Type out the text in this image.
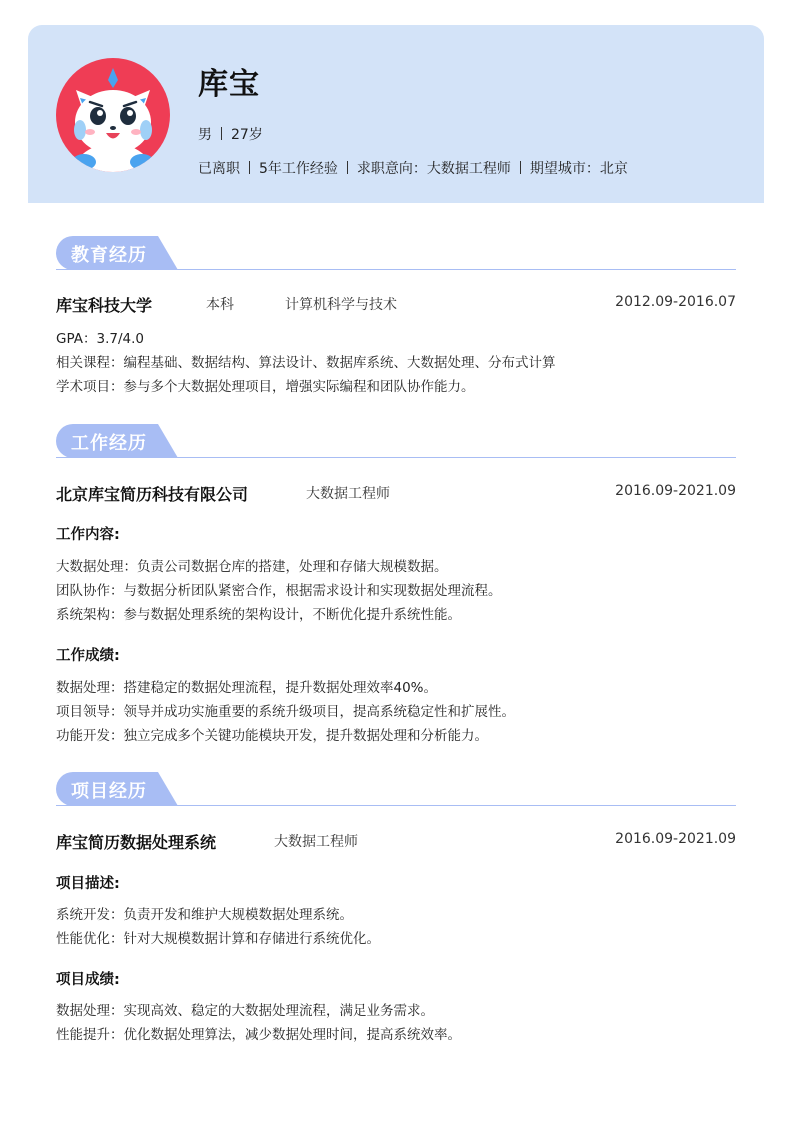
库宝
男 27岁
已离职 5年工作经验 求职意向：大数据工程师 期望城市：北京
教育经历
库宝科技大学	本科	计算机科学与技术	2012.09-2016.07
GPA：3.7/4.0
相关课程：编程基础、数据结构、算法设计、数据库系统、大数据处理、分布式计算
学术项目：参与多个大数据处理项目，增强实际编程和团队协作能力。
工作经历
北京库宝简历科技有限公司	大数据工程师	2016.09-2021.09
工作内容:
大数据处理：负责公司数据仓库的搭建，处理和存储大规模数据。
团队协作：与数据分析团队紧密合作，根据需求设计和实现数据处理流程。
系统架构：参与数据处理系统的架构设计，不断优化提升系统性能。
工作成绩:
数据处理：搭建稳定的数据处理流程，提升数据处理效率40%。
项目领导：领导并成功实施重要的系统升级项目，提高系统稳定性和扩展性。
功能开发：独立完成多个关键功能模块开发，提升数据处理和分析能力。
项目经历
库宝简历数据处理系统	大数据工程师	2016.09-2021.09
项目描述:
系统开发：负责开发和维护大规模数据处理系统。
性能优化：针对大规模数据计算和存储进行系统优化。
项目成绩:
数据处理：实现高效、稳定的大数据处理流程，满足业务需求。
性能提升：优化数据处理算法，减少数据处理时间，提高系统效率。
